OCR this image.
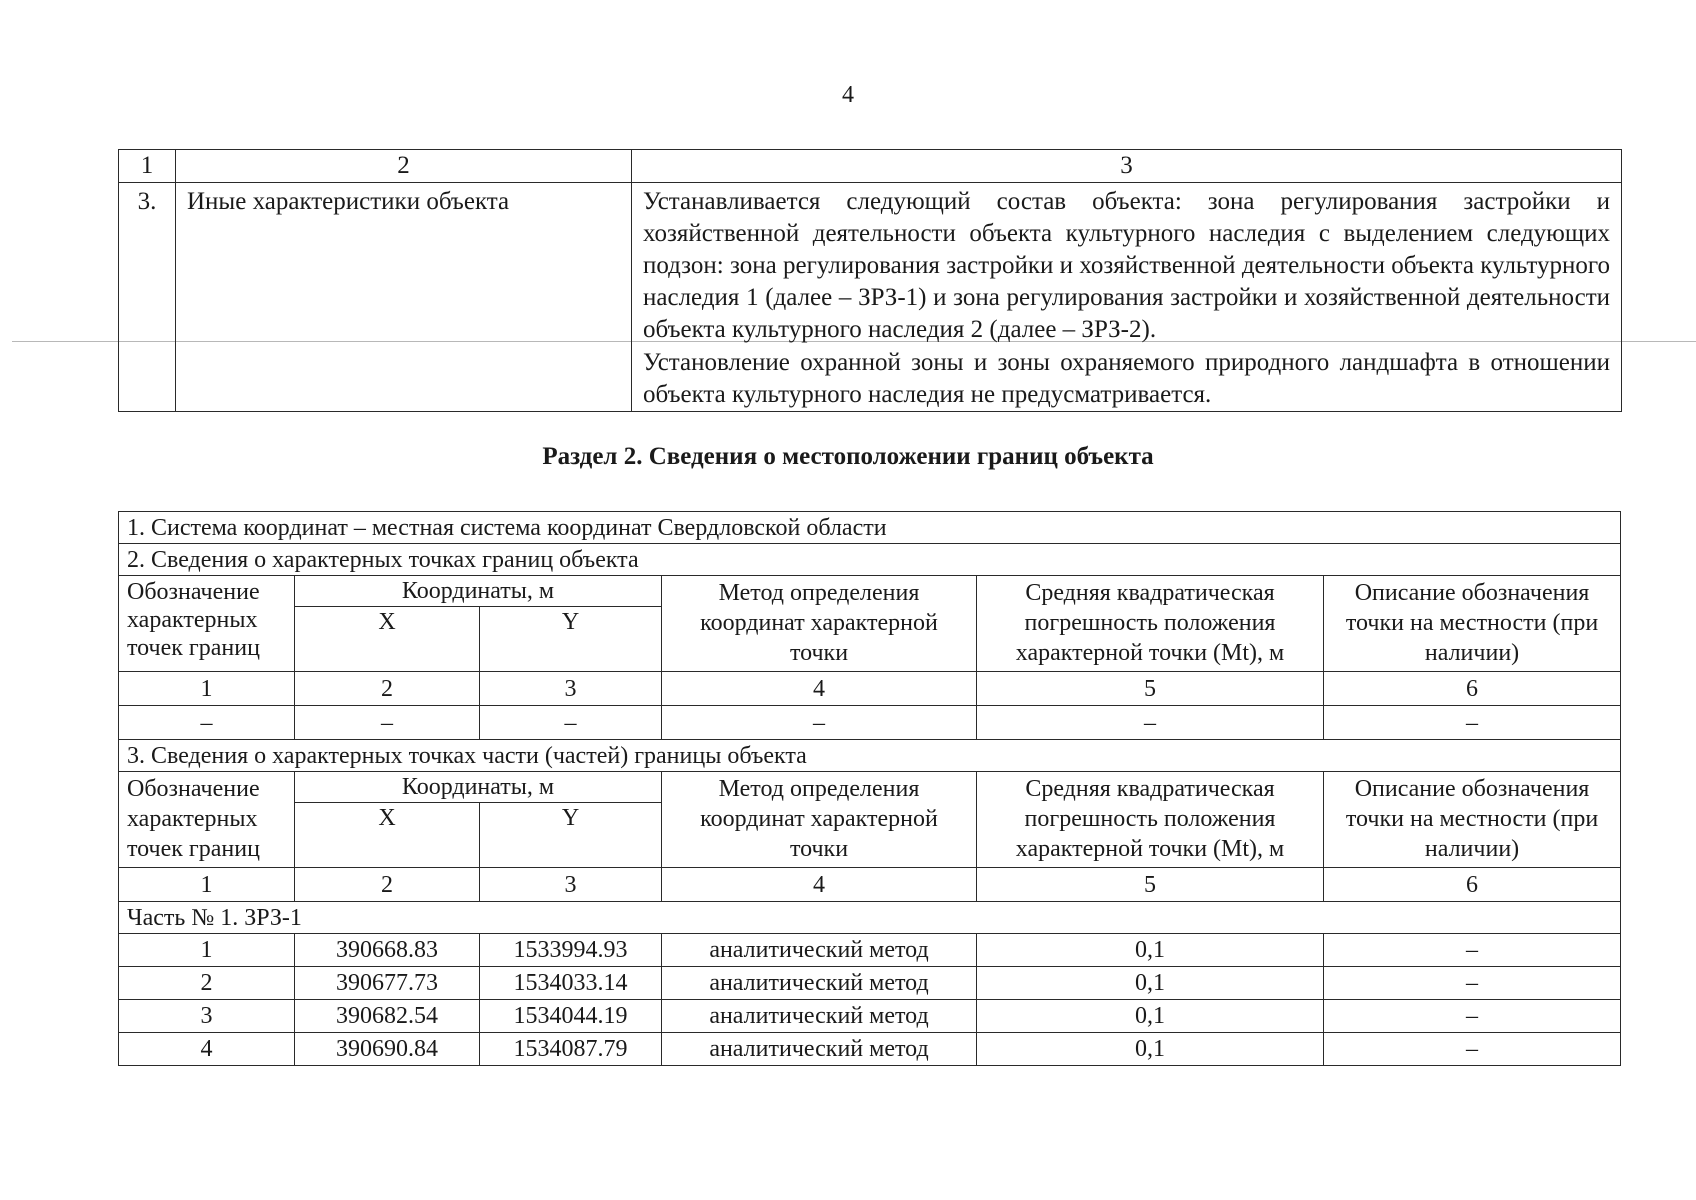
4
1	2	3
3.	Иные характеристики объекта	Устанавливается следующий состав объекта: зона регулирования застройки и хозяйственной деятельности объекта культурного наследия с выделением следующих подзон: зона регулирования застройки и хозяйственной деятельности объекта культурного наследия 1 (далее – ЗРЗ-1) и зона регулирования застройки и хозяйственной деятельности объекта культурного наследия 2 (далее – ЗРЗ-2).

Установление охранной зоны и зоны охраняемого природного ландшафта в отношении объекта культурного наследия не предусматривается.

Раздел 2. Сведения о местоположении границ объекта
1. Система координат – местная система координат Свердловской области					
2. Сведения о характерных точках границ объекта					
Обозначение характерных точек границ	Координаты, м		Метод определения координат характерной точки	Средняя квадратическая погрешность положения характерной точки (Mt), м	Описание обозначения точки на местности (при наличии)
	X	Y			
1	2	3	4	5	6
–	–	–	–	–	–
3. Сведения о характерных точках части (частей) границы объекта					
Обозначение характерных точек границ	Координаты, м		Метод определения координат характерной точки	Средняя квадратическая погрешность положения характерной точки (Mt), м	Описание обозначения точки на местности (при наличии)
	X	Y			
1	2	3	4	5	6
Часть № 1. ЗРЗ-1					
1	390668.83	1533994.93	аналитический метод	0,1	–
2	390677.73	1534033.14	аналитический метод	0,1	–
3	390682.54	1534044.19	аналитический метод	0,1	–
4	390690.84	1534087.79	аналитический метод	0,1	–
